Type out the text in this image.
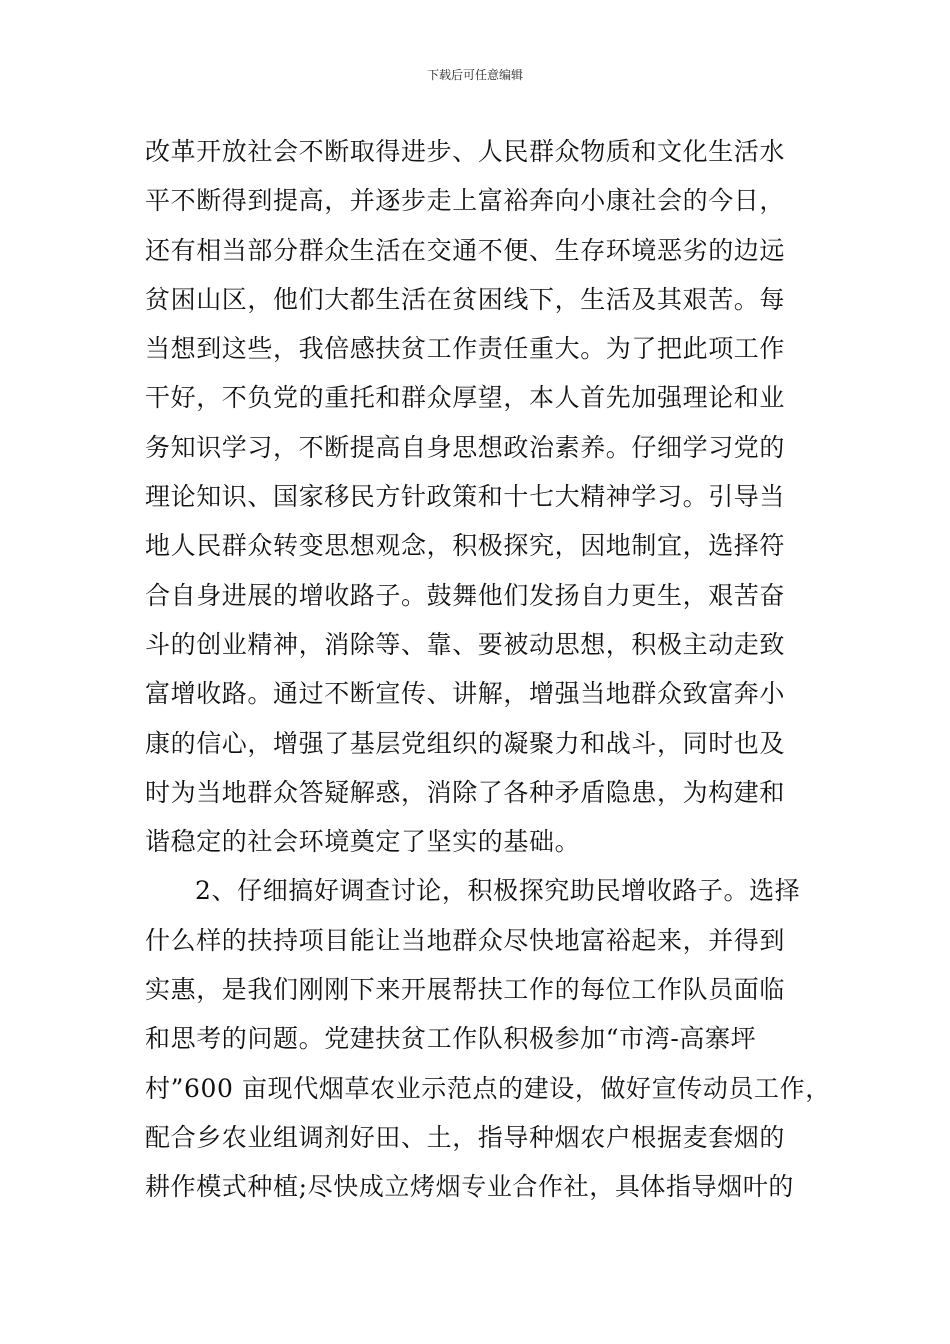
下载后可任意编辑
改革开放社会不断取得进步、人民群众物质和文化生活水
平不断得到提高，并逐步走上富裕奔向小康社会的今日，
还有相当部分群众生活在交通不便、生存环境恶劣的边远
贫困山区，他们大都生活在贫困线下，生活及其艰苦。每
当想到这些，我倍感扶贫工作责任重大。为了把此项工作
干好，不负党的重托和群众厚望，本人首先加强理论和业
务知识学习，不断提高自身思想政治素养。仔细学习党的
理论知识、国家移民方针政策和十七大精神学习。引导当
地人民群众转变思想观念，积极探究，因地制宜，选择符
合自身进展的增收路子。鼓舞他们发扬自力更生，艰苦奋
斗的创业精神，消除等、靠、要被动思想，积极主动走致
富增收路。通过不断宣传、讲解，增强当地群众致富奔小
康的信心，增强了基层党组织的凝聚力和战斗，同时也及
时为当地群众答疑解惑，消除了各种矛盾隐患，为构建和
谐稳定的社会环境奠定了坚实的基础。
2、仔细搞好调查讨论，积极探究助民增收路子。选择
什么样的扶持项目能让当地群众尽快地富裕起来，并得到
实惠，是我们刚刚下来开展帮扶工作的每位工作队员面临
和思考的问题。党建扶贫工作队积极参加“市湾-高寨坪
村”600 亩现代烟草农业示范点的建设，做好宣传动员工作，
配合乡农业组调剂好田、土，指导种烟农户根据麦套烟的
耕作模式种植;尽快成立烤烟专业合作社，具体指导烟叶的
